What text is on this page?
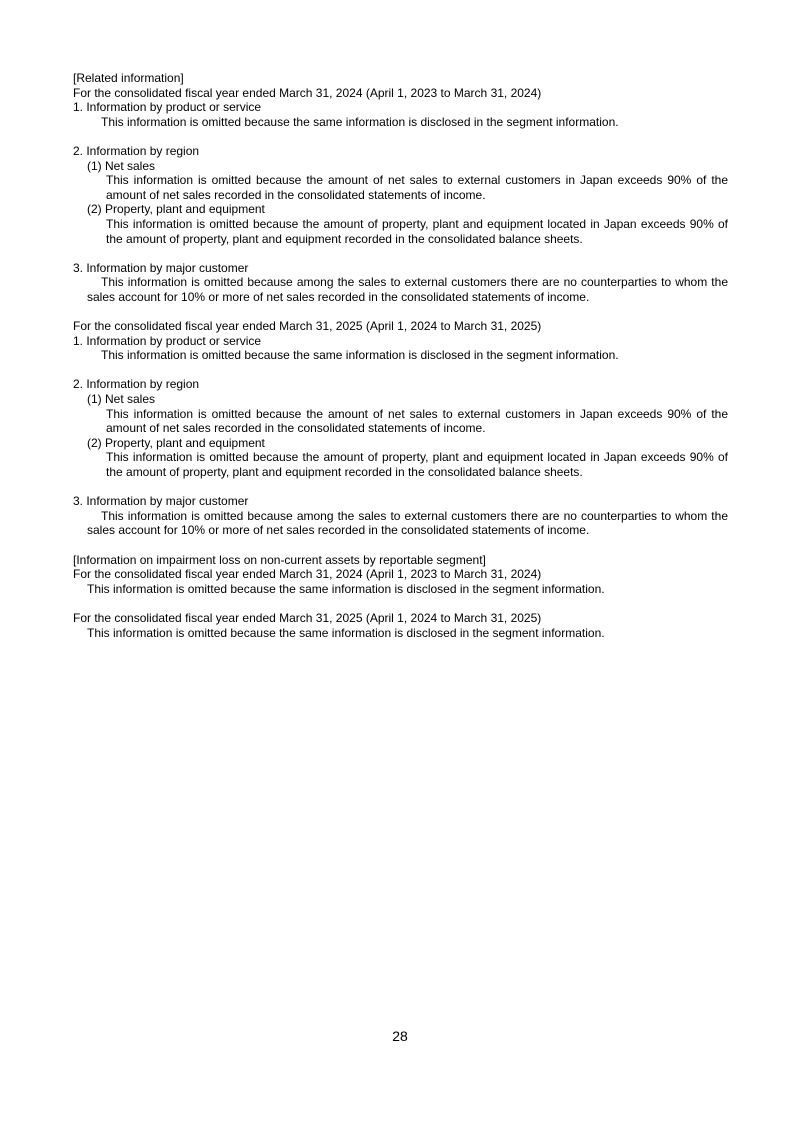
[Related information]
For the consolidated fiscal year ended March 31, 2024 (April 1, 2023 to March 31, 2024)
1. Information by product or service
This information is omitted because the same information is disclosed in the segment information.
2. Information by region
(1) Net sales
This information is omitted because the amount of net sales to external customers in Japan exceeds 90% of the amount of net sales recorded in the consolidated statements of income.
(2) Property, plant and equipment
This information is omitted because the amount of property, plant and equipment located in Japan exceeds 90% of the amount of property, plant and equipment recorded in the consolidated balance sheets.
3. Information by major customer
This information is omitted because among the sales to external customers there are no counterparties to whom the sales account for 10% or more of net sales recorded in the consolidated statements of income.
For the consolidated fiscal year ended March 31, 2025 (April 1, 2024 to March 31, 2025)
1. Information by product or service
This information is omitted because the same information is disclosed in the segment information.
2. Information by region
(1) Net sales
This information is omitted because the amount of net sales to external customers in Japan exceeds 90% of the amount of net sales recorded in the consolidated statements of income.
(2) Property, plant and equipment
This information is omitted because the amount of property, plant and equipment located in Japan exceeds 90% of the amount of property, plant and equipment recorded in the consolidated balance sheets.
3. Information by major customer
This information is omitted because among the sales to external customers there are no counterparties to whom the sales account for 10% or more of net sales recorded in the consolidated statements of income.
[Information on impairment loss on non-current assets by reportable segment]
For the consolidated fiscal year ended March 31, 2024 (April 1, 2023 to March 31, 2024)
This information is omitted because the same information is disclosed in the segment information.
For the consolidated fiscal year ended March 31, 2025 (April 1, 2024 to March 31, 2025)
This information is omitted because the same information is disclosed in the segment information.
28
